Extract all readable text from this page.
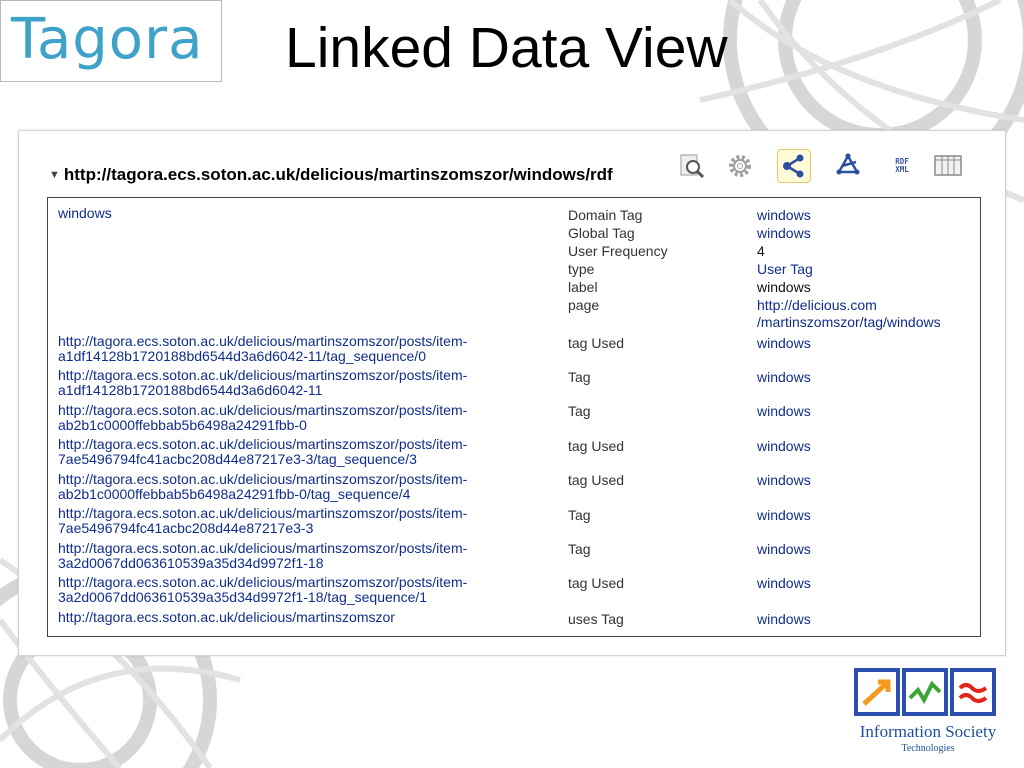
Tagora Linked Data View
▼ http://tagora.ecs.soton.ac.uk/delicious/martinszomszor/windows/rdf
RDF
XML
windows	Domain Tag	windows
Global Tag	windows
User Frequency	4
type	User Tag
label	windows
page	http://delicious.com
/martinszomszor/tag/windows
http://tagora.ecs.soton.ac.uk/delicious/martinszomszor/posts/item-
a1df14128b1720188bd6544d3a6d6042-11/tag_sequence/0
tag Used	windows
http://tagora.ecs.soton.ac.uk/delicious/martinszomszor/posts/item-
a1df14128b1720188bd6544d3a6d6042-11
Tag	windows
http://tagora.ecs.soton.ac.uk/delicious/martinszomszor/posts/item-
ab2b1c0000ffebbab5b6498a24291fbb-0
Tag	windows
http://tagora.ecs.soton.ac.uk/delicious/martinszomszor/posts/item-
7ae5496794fc41acbc208d44e87217e3-3/tag_sequence/3
tag Used	windows
http://tagora.ecs.soton.ac.uk/delicious/martinszomszor/posts/item-
ab2b1c0000ffebbab5b6498a24291fbb-0/tag_sequence/4
tag Used	windows
http://tagora.ecs.soton.ac.uk/delicious/martinszomszor/posts/item-
7ae5496794fc41acbc208d44e87217e3-3
Tag	windows
http://tagora.ecs.soton.ac.uk/delicious/martinszomszor/posts/item-
3a2d0067dd063610539a35d34d9972f1-18
Tag	windows
http://tagora.ecs.soton.ac.uk/delicious/martinszomszor/posts/item-
3a2d0067dd063610539a35d34d9972f1-18/tag_sequence/1
tag Used	windows
http://tagora.ecs.soton.ac.uk/delicious/martinszomszor	uses Tag	windows
Information Society
Technologies
